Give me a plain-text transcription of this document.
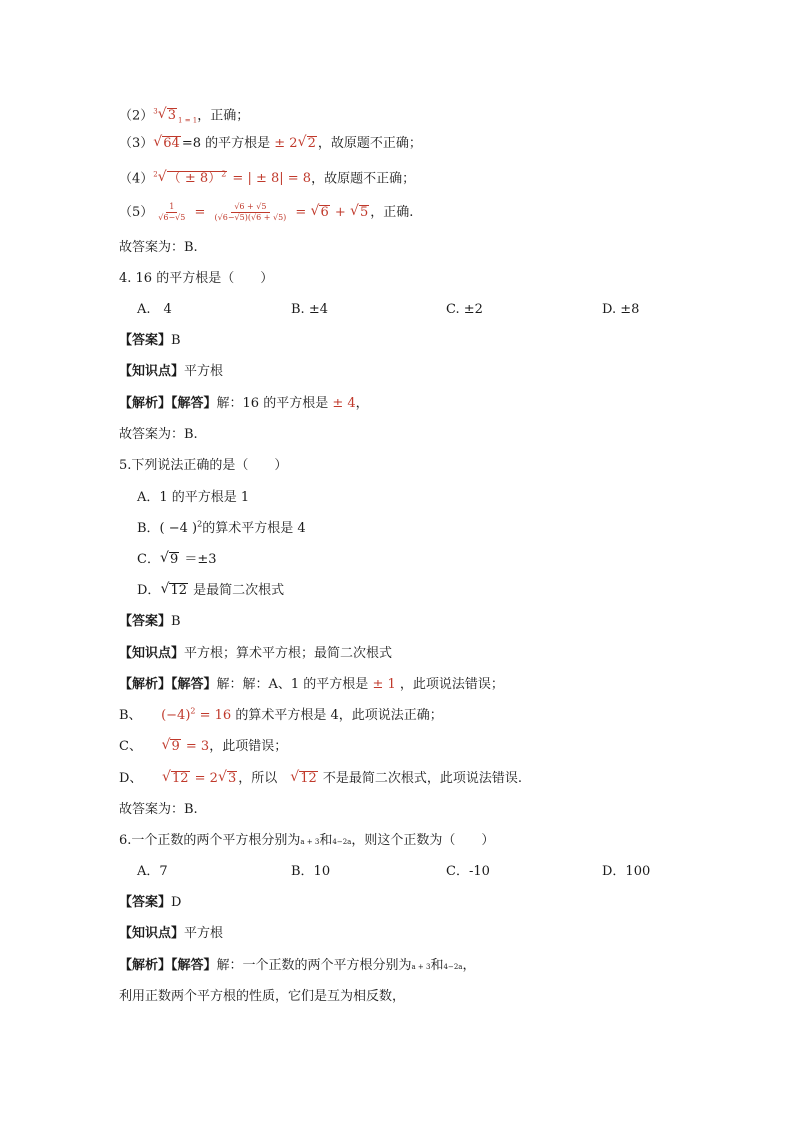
$(2)^3√$ 3 $_{1 = 1}$，正确；
（3）√ 64 =8 的平方根是 ± 2√ 2 ，故原题不正确；
$(4)^2√$ （ ± 8）$^2$ = | ± 8| = 8，故原题不正确；
$(5) \frac{1}{√6-√5} = \frac{√6 + √5}{(√6-√5)(√6 + √5)}$ = √ 6 + √ 5 ，正确.
故答案为：B.
4. 16 的平方根是（　　）
A.　4	B. ±4	C. ±2	D. ±8
【答案】B
【知识点】平方根
【解析】【解答】解：16 的平方根是 ± 4，
故答案为：B.
5.下列说法正确的是（　　）
A．1 的平方根是 1
B．( −4 )$^2$的算术平方根是 4
C．√ 9 ＝±3
D．√ 12 是最简二次根式
【答案】B
【知识点】平方根；算术平方根；最简二次根式
【解析】【解答】解：解：A、1 的平方根是 ± 1 ，此项说法错误；
B、　　 $(-4)^2 = 16$ 的算术平方根是 4，此项说法正确；
C、　　√	9 = 3，此项错误；
D、　　√	12 = 2√ 3 ，所以　√ 12 不是最简二次根式，此项说法错误.
故答案为：B.
6.一个正数的两个平方根分别为a + 3和4−2a，则这个正数为（　　）
A．7	B．10	C．-10	D．100
【答案】D
【知识点】平方根
【解析】【解答】解：一个正数的两个平方根分别为a + 3和4−2a，
利用正数两个平方根的性质，它们是互为相反数，
